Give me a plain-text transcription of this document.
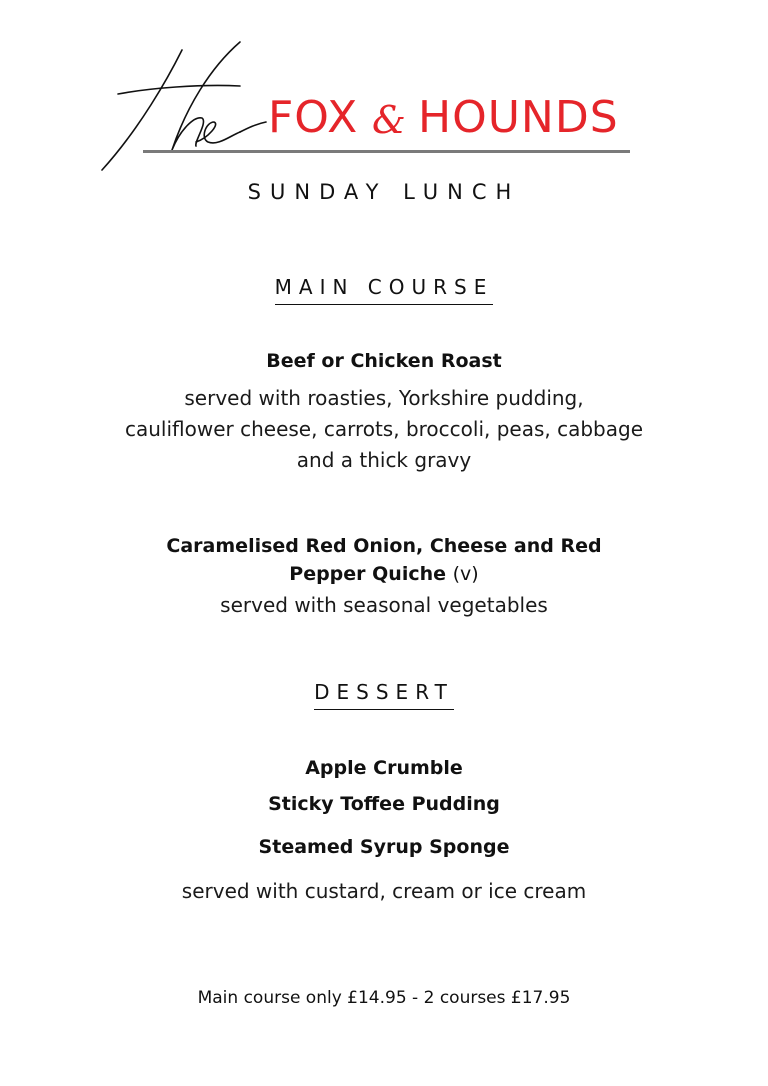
FOX & HOUNDS
SUNDAY LUNCH
MAIN COURSE
Beef or Chicken Roast
served with roasties, Yorkshire pudding,
cauliflower cheese, carrots, broccoli, peas, cabbage
and a thick gravy
Caramelised Red Onion, Cheese and Red
Pepper Quiche (v)
served with seasonal vegetables
DESSERT
Apple Crumble
Sticky Toffee Pudding
Steamed Syrup Sponge
served with custard, cream or ice cream
Main course only £14.95 - 2 courses £17.95
